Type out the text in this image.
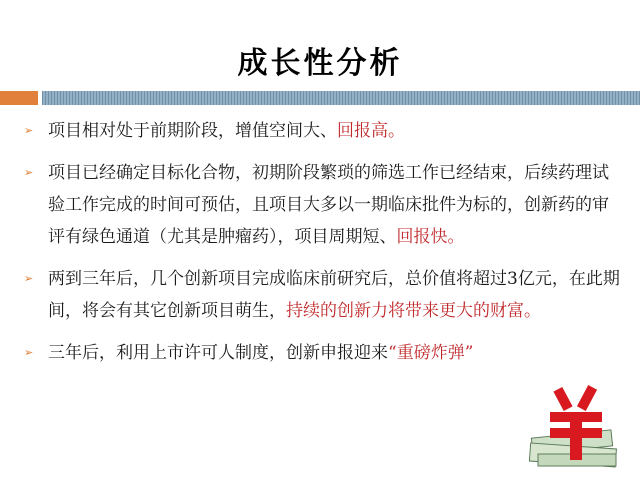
成长性分析
➢ 项目相对处于前期阶段，增值空间大、回报高。
➢ 项目已经确定目标化合物，初期阶段繁琐的筛选工作已经结束，后续药理试验工作完成的时间可预估，且项目大多以一期临床批件为标的，创新药的审评有绿色通道（尤其是肿瘤药），项目周期短、回报快。
➢ 两到三年后，几个创新项目完成临床前研究后，总价值将超过3亿元，在此期间，将会有其它创新项目萌生，持续的创新力将带来更大的财富。
➢ 三年后，利用上市许可人制度，创新申报迎来“重磅炸弹”
